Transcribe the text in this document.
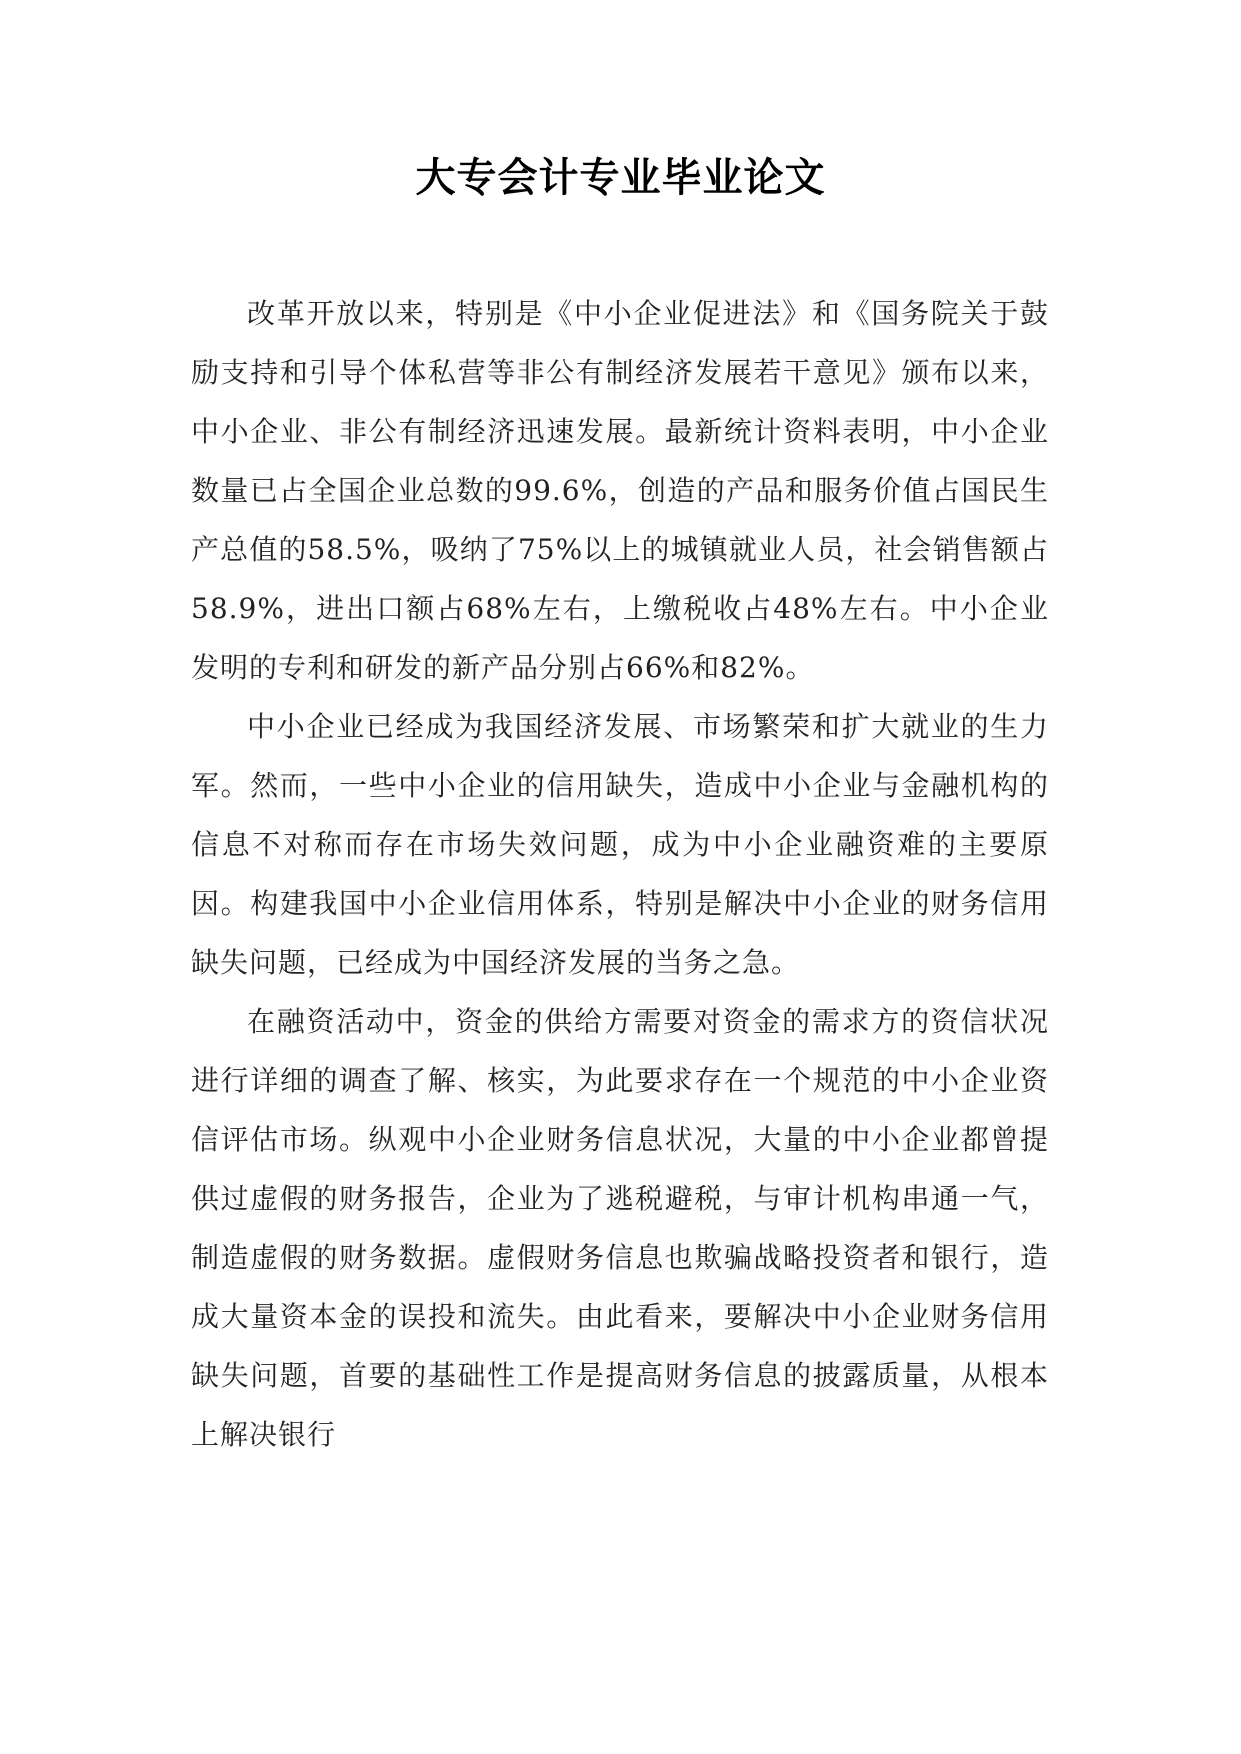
大专会计专业毕业论文

改革开放以来，特别是《中小企业促进法》和《国务院关于鼓励支持和引导个体私营等非公有制经济发展若干意见》颁布以来，中小企业、非公有制经济迅速发展。最新统计资料表明，中小企业数量已占全国企业总数的99.6%，创造的产品和服务价值占国民生产总值的58.5%，吸纳了75%以上的城镇就业人员，社会销售额占58.9%，进出口额占68%左右，上缴税收占48%左右。中小企业发明的专利和研发的新产品分别占66%和82%。

中小企业已经成为我国经济发展、市场繁荣和扩大就业的生力军。然而，一些中小企业的信用缺失，造成中小企业与金融机构的信息不对称而存在市场失效问题，成为中小企业融资难的主要原因。构建我国中小企业信用体系，特别是解决中小企业的财务信用缺失问题，已经成为中国经济发展的当务之急。

在融资活动中，资金的供给方需要对资金的需求方的资信状况进行详细的调查了解、核实，为此要求存在一个规范的中小企业资信评估市场。纵观中小企业财务信息状况，大量的中小企业都曾提供过虚假的财务报告，企业为了逃税避税，与审计机构串通一气，制造虚假的财务数据。虚假财务信息也欺骗战略投资者和银行，造成大量资本金的误投和流失。由此看来，要解决中小企业财务信用缺失问题，首要的基础性工作是提高财务信息的披露质量，从根本上解决银行
